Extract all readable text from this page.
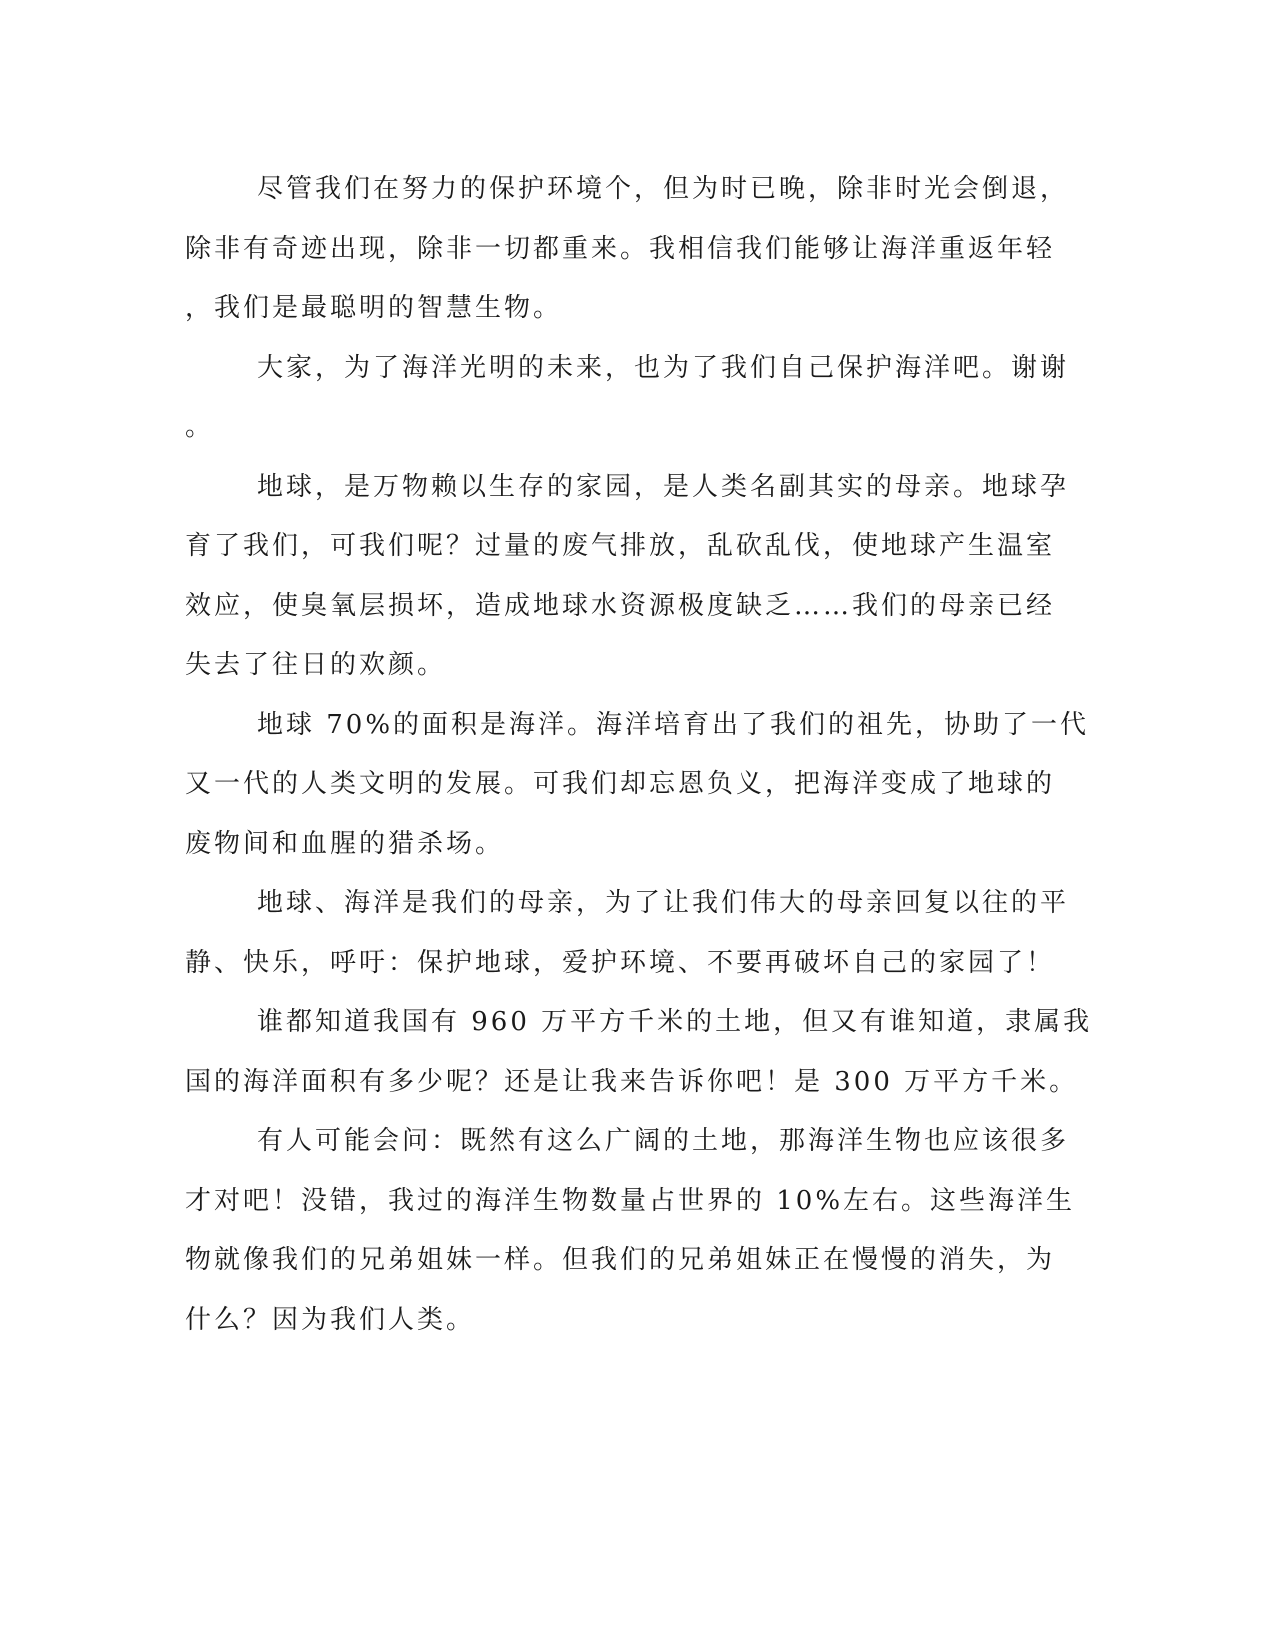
尽管我们在努力的保护环境个，但为时已晚，除非时光会倒退，
除非有奇迹出现，除非一切都重来。我相信我们能够让海洋重返年轻
，我们是最聪明的智慧生物。
大家，为了海洋光明的未来，也为了我们自己保护海洋吧。谢谢
。
地球，是万物赖以生存的家园，是人类名副其实的母亲。地球孕
育了我们，可我们呢？过量的废气排放，乱砍乱伐，使地球产生温室
效应，使臭氧层损坏，造成地球水资源极度缺乏……我们的母亲已经
失去了往日的欢颜。
地球 70%的面积是海洋。海洋培育出了我们的祖先，协助了一代
又一代的人类文明的发展。可我们却忘恩负义，把海洋变成了地球的
废物间和血腥的猎杀场。
地球、海洋是我们的母亲，为了让我们伟大的母亲回复以往的平
静、快乐，呼吁：保护地球，爱护环境、不要再破坏自己的家园了！
谁都知道我国有 960 万平方千米的土地，但又有谁知道，隶属我
国的海洋面积有多少呢？还是让我来告诉你吧！是 300 万平方千米。
有人可能会问：既然有这么广阔的土地，那海洋生物也应该很多
才对吧！没错，我过的海洋生物数量占世界的 10%左右。这些海洋生
物就像我们的兄弟姐妹一样。但我们的兄弟姐妹正在慢慢的消失，为
什么？因为我们人类。
